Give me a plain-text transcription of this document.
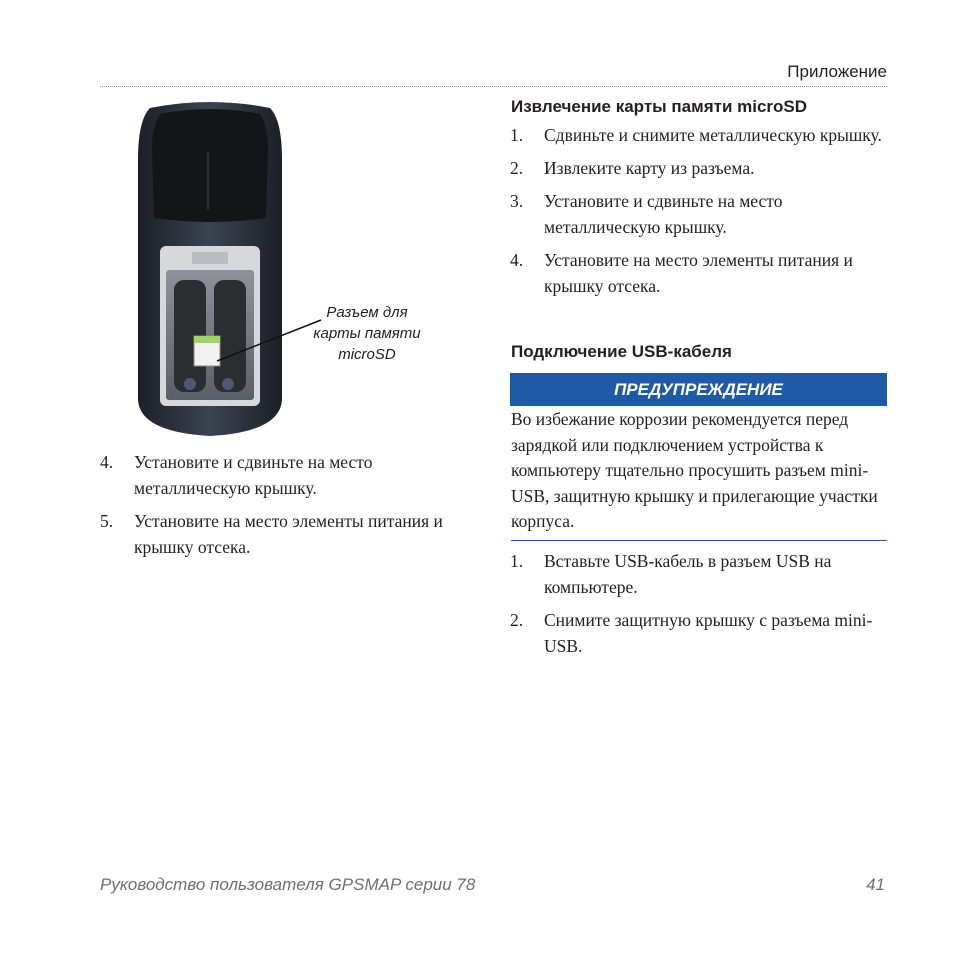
Приложение
Разъем для
карты памяти
microSD
4. Установите и сдвиньте на место металлическую крышку.
5. Установите на место элементы питания и крышку отсека.
Извлечение карты памяти microSD
1. Сдвиньте и снимите металлическую крышку.
2. Извлеките карту из разъема.
3. Установите и сдвиньте на место металлическую крышку.
4. Установите на место элементы питания и крышку отсека.
Подключение USB-кабеля
ПРЕДУПРЕЖДЕНИЕ
Во избежание коррозии рекомендуется перед зарядкой или подключением устройства к компьютеру тщательно просушить разъем mini-USB, защитную крышку и прилегающие участки корпуса.
1. Вставьте USB-кабель в разъем USB на компьютере.
2. Снимите защитную крышку с разъема mini-USB.
Руководство пользователя GPSMAP серии 78	41
